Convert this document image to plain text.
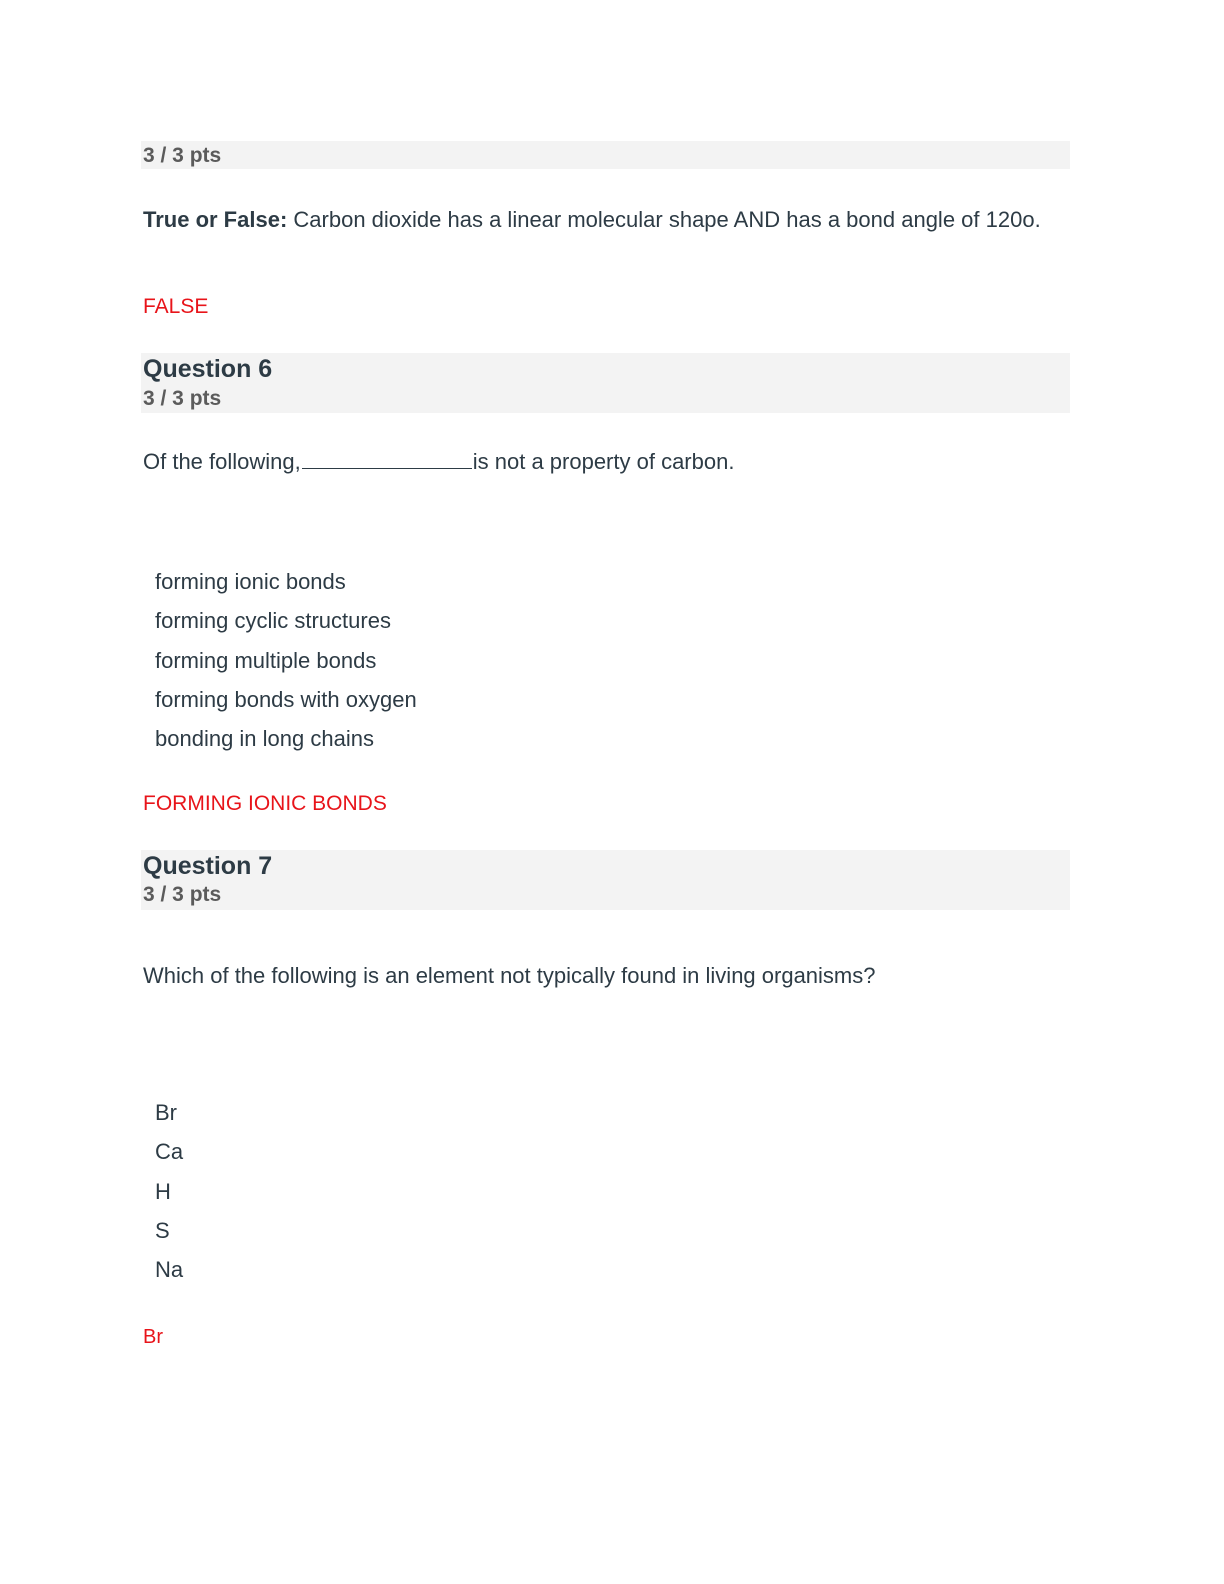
3 / 3 pts
True or False: Carbon dioxide has a linear molecular shape AND has a bond angle of 120o.
FALSE
Question 6
3 / 3 pts
Of the following,	is not a property of carbon.
forming ionic bonds
forming cyclic structures
forming multiple bonds
forming bonds with oxygen
bonding in long chains
FORMING IONIC BONDS
Question 7
3 / 3 pts
Which of the following is an element not typically found in living organisms?
Br
Ca
H
S
Na
Br
